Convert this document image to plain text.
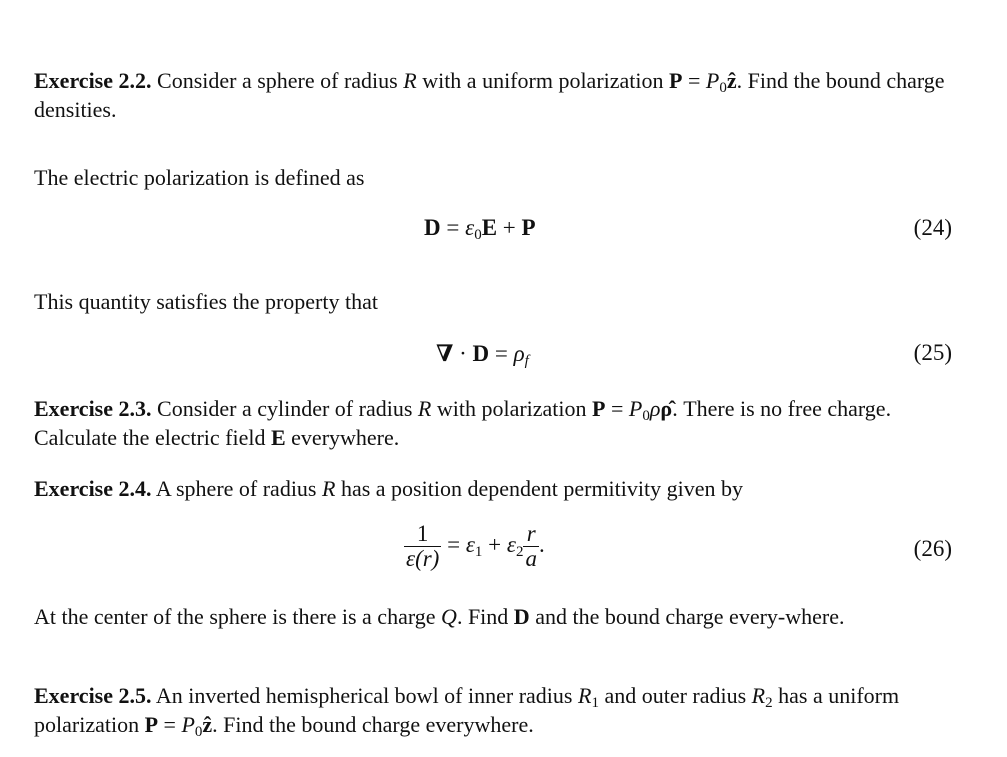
Exercise 2.2. Consider a sphere of radius R with a uniform polarization $P = P_0ẑ$. Find the bound charge densities.

The electric polarization is defined as

$D = \varepsilon_0E + P$	(24)

This quantity satisfies the property that

∇ · $D = \rho_f$	(25)

Exercise 2.3. Consider a cylinder of radius R with polarization $P = P_0\rho\rhô$. There is no free charge. Calculate the electric field E everywhere.

Exercise 2.4. A sphere of radius R has a position dependent permitivity given by

$\frac{1}{\varepsilon(r)} = \varepsilon_1 + \varepsilon_2 \frac{r}{a}$ .	(26)

At the center of the sphere is there is a charge Q. Find D and the bound charge every-where.

Exercise 2.5. An inverted hemispherical bowl of inner radius $R_1$ and outer radius $R_2$ has a uniform polarization $P = P_0ẑ$. Find the bound charge everywhere.
